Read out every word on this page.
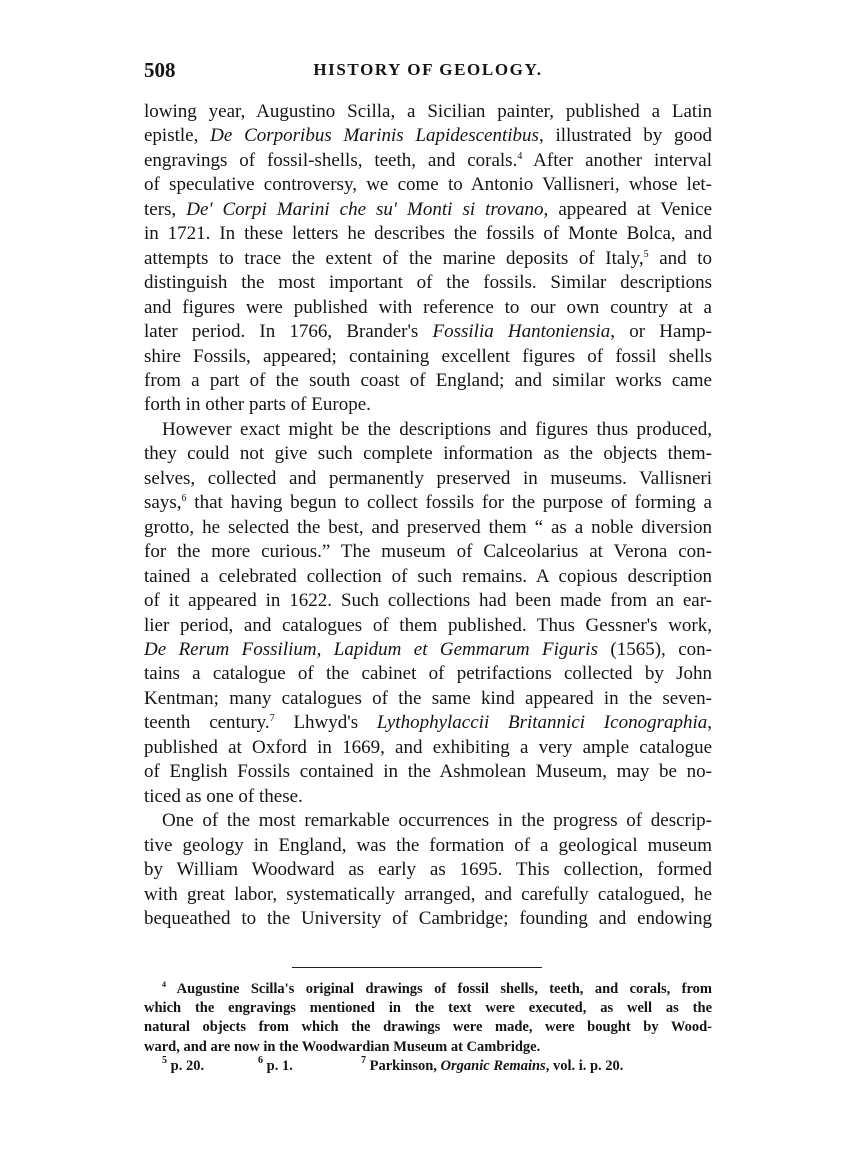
508	HISTORY OF GEOLOGY.
lowing year, Augustino Scilla, a Sicilian painter, published a Latin
epistle, De Corporibus Marinis Lapidescentibus, illustrated by good
engravings of fossil-shells, teeth, and corals.$^4$ After another interval
of speculative controversy, we come to Antonio Vallisneri, whose let-
ters, De' Corpi Marini che su' Monti si trovano, appeared at Venice
in 1721. In these letters he describes the fossils of Monte Bolca, and
attempts to trace the extent of the marine deposits of Italy,$^5$ and to
distinguish the most important of the fossils. Similar descriptions
and figures were published with reference to our own country at a
later period. In 1766, Brander's Fossilia Hantoniensia, or Hamp-
shire Fossils, appeared; containing excellent figures of fossil shells
from a part of the south coast of England; and similar works came
forth in other parts of Europe.
However exact might be the descriptions and figures thus produced,
they could not give such complete information as the objects them-
selves, collected and permanently preserved in museums. Vallisneri
says,$^6$ that having begun to collect fossils for the purpose of forming a
grotto, he selected the best, and preserved them “ as a noble diversion
for the more curious.” The museum of Calceolarius at Verona con-
tained a celebrated collection of such remains. A copious description
of it appeared in 1622. Such collections had been made from an ear-
lier period, and catalogues of them published. Thus Gessner's work,
De Rerum Fossilium, Lapidum et Gemmarum Figuris (1565), con-
tains a catalogue of the cabinet of petrifactions collected by John
Kentman; many catalogues of the same kind appeared in the seven-
teenth century.$^7$ Lhwyd's Lythophylaccii Britannici Iconographia,
published at Oxford in 1669, and exhibiting a very ample catalogue
of English Fossils contained in the Ashmolean Museum, may be no-
ticed as one of these.
One of the most remarkable occurrences in the progress of descrip-
tive geology in England, was the formation of a geological museum
by William Woodward as early as 1695. This collection, formed
with great labor, systematically arranged, and carefully catalogued, he
bequeathed to the University of Cambridge; founding and endowing
$^4$ Augustine Scilla's original drawings of fossil shells, teeth, and corals, from
which the engravings mentioned in the text were executed, as well as the
natural objects from which the drawings were made, were bought by Wood-
ward, and are now in the Woodwardian Museum at Cambridge.
$^5$ p. 20.	$^6$ p. 1.	$^7$ Parkinson, Organic Remains, vol. i. p. 20.
